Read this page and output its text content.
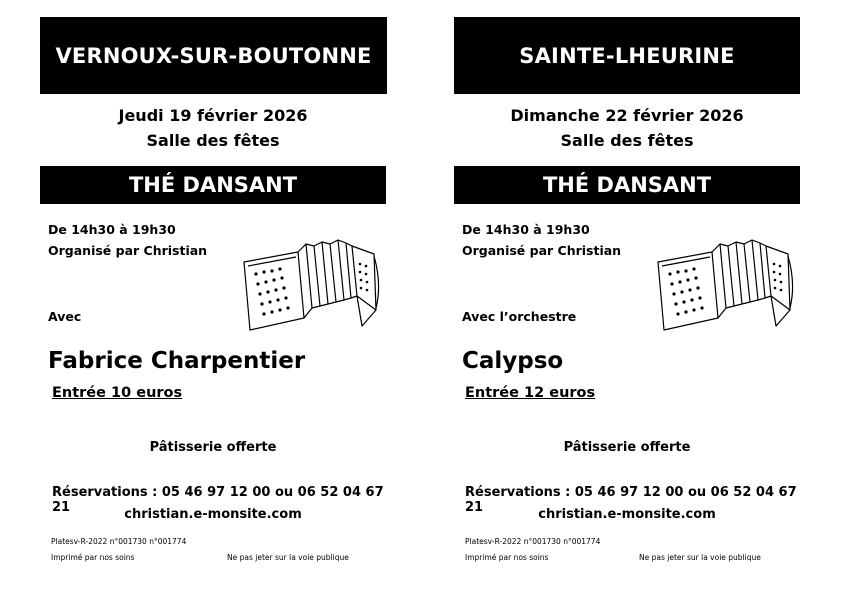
VERNOUX-SUR-BOUTONNE
Jeudi 19 février 2026
Salle des fêtes
THÉ DANSANT
De 14h30 à 19h30
Organisé par Christian
Avec
Fabrice Charpentier
Entrée 10 euros
Pâtisserie offerte
Réservations : 05 46 97 12 00 ou 06 52 04 67 21	christian.e-monsite.com
Platesv-R-2022 n°001730 n°001774
Imprimé par nos soins	Ne pas jeter sur la voie publique
SAINTE-LHEURINE
Dimanche 22 février 2026
Salle des fêtes
THÉ DANSANT
De 14h30 à 19h30
Organisé par Christian
Avec l’orchestre
Calypso
Entrée 12 euros
Pâtisserie offerte
Réservations : 05 46 97 12 00 ou 06 52 04 67 21	christian.e-monsite.com
Platesv-R-2022 n°001730 n°001774
Imprimé par nos soins	Ne pas jeter sur la voie publique
